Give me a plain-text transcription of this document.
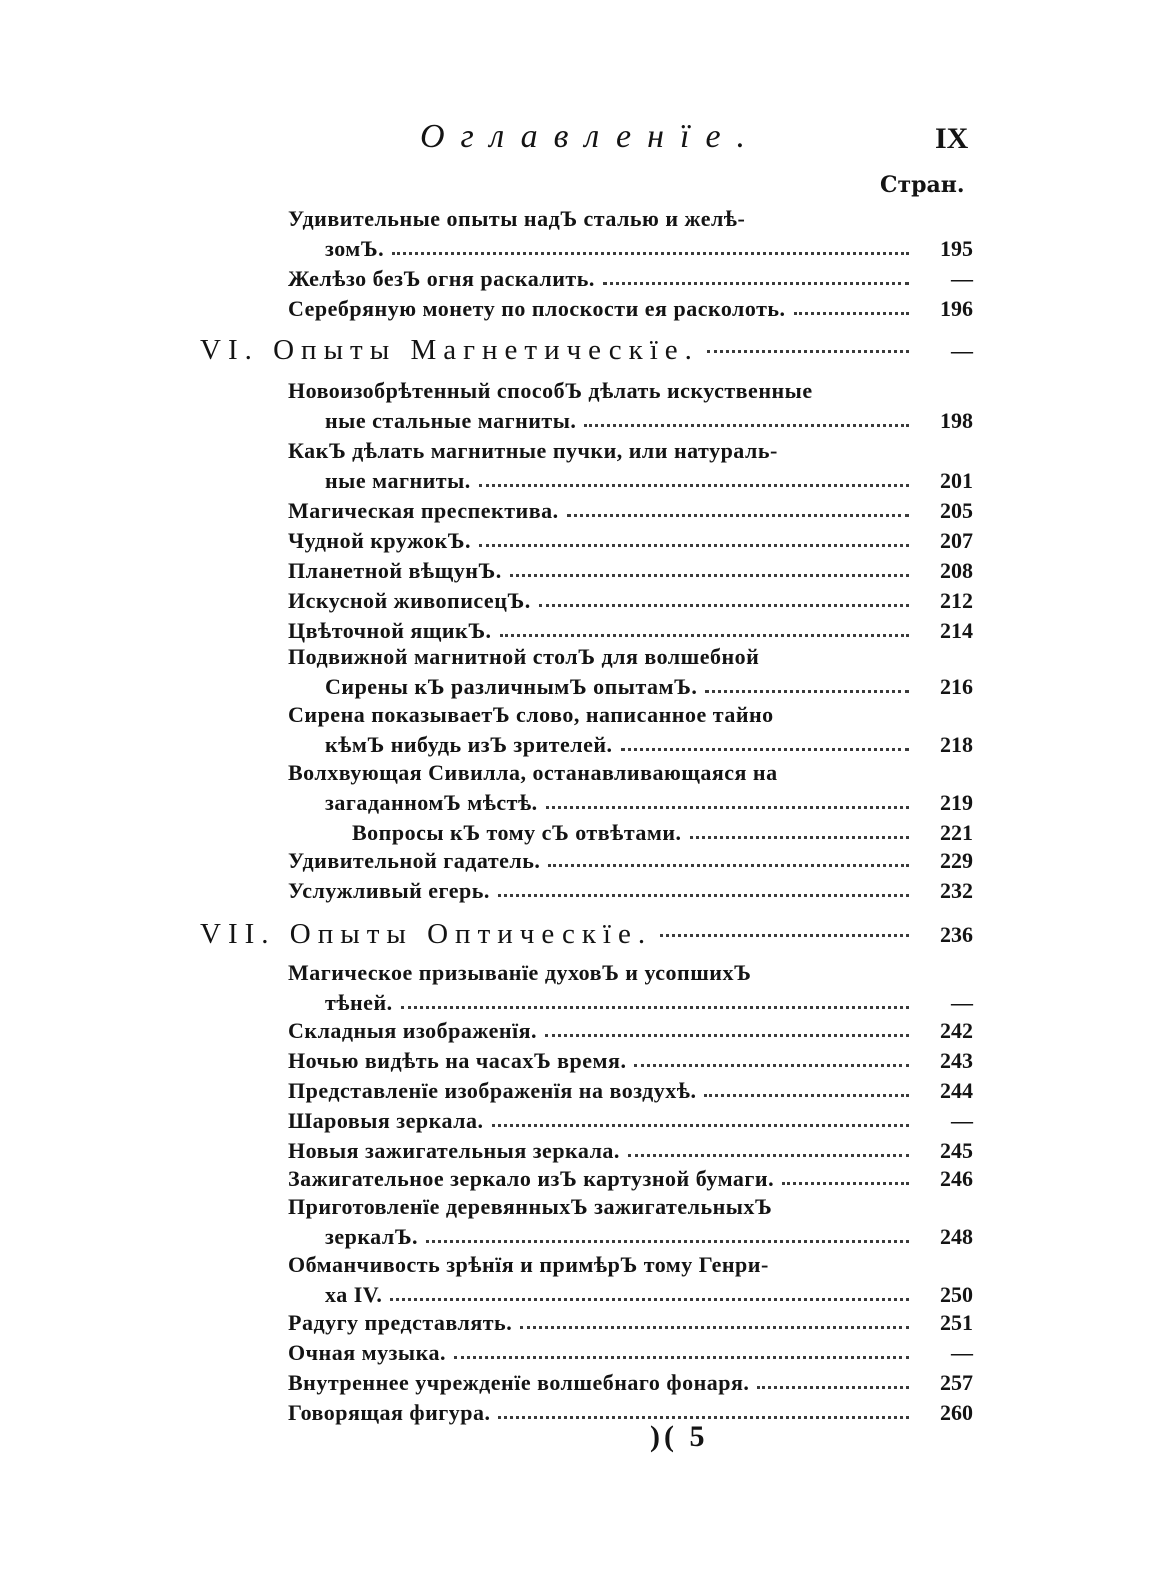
Оглавленїе.	IX
Стран.
Удивительные опыты надЪ сталью и желѣ-
зомЪ.	195
Желѣзо безЪ огня раскалить.	—
Серебряную монету по плоскости ея расколоть.	196
VI. Опыты Магнетическїе.	—
Новоизобрѣтенный способЪ дѣлать искуственные
ные стальные магниты.	198
КакЪ дѣлать магнитные пучки, или натураль-
ные магниты.	201
Магическая преспектива.	205
Чудной кружокЪ.	207
Планетной вѣщунЪ.	208
Искусной живописецЪ.	212
Цвѣточной ящикЪ.	214
Подвижной магнитной столЪ для волшебной
Сирены кЪ различнымЪ опытамЪ.	216
Сирена показываетЪ слово, написанное тайно
кѣмЪ нибудь изЪ зрителей.	218
Волхвующая Сивилла, останавливающаяся на
загаданномЪ мѣстѣ.	219
Вопросы кЪ тому сЪ отвѣтами.	221
Удивительной гадатель.	229
Услужливый егерь.	232
VII. Опыты Оптическїе.	236
Магическое призыванїе духовЪ и усопшихЪ
тѣней.	—
Складныя изображенїя.	242
Ночью видѣть на часахЪ время.	243
Представленїе изображенїя на воздухѣ.	244
Шаровыя зеркала.	—
Новыя зажигательныя зеркала.	245
Зажигательное зеркало изЪ картузной бумаги.	246
Приготовленїе деревянныхЪ зажигательныхЪ
зеркалЪ.	248
Обманчивость зрѣнїя и примѣрЪ тому Генри-
ха IV.	250
Радугу представлять.	251
Очная музыка.	—
Внутреннее учрежденїе волшебнаго фонаря.	257
Говорящая фигура.	260
)( 5
